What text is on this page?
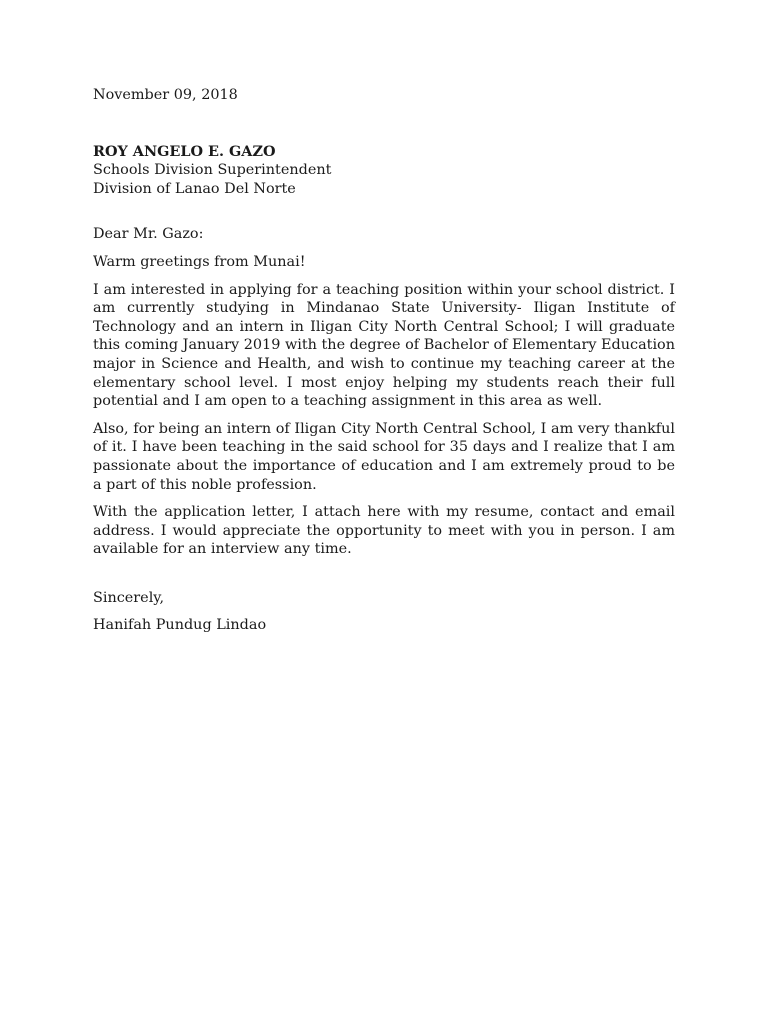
November 09, 2018

ROY ANGELO E. GAZO
Schools Division Superintendent
Division of Lanao Del Norte

Dear Mr. Gazo:

Warm greetings from Munai!

I am interested in applying for a teaching position within your school district. I am currently studying in Mindanao State University- Iligan Institute of Technology and an intern in Iligan City North Central School; I will graduate this coming January 2019 with the degree of Bachelor of Elementary Education major in Science and Health, and wish to continue my teaching career at the elementary school level. I most enjoy helping my students reach their full potential and I am open to a teaching assignment in this area as well.

Also, for being an intern of Iligan City North Central School, I am very thankful of it. I have been teaching in the said school for 35 days and I realize that I am passionate about the importance of education and I am extremely proud to be a part of this noble profession.

With the application letter, I attach here with my resume, contact and email address. I would appreciate the opportunity to meet with you in person. I am available for an interview any time.

Sincerely,

Hanifah Pundug Lindao
